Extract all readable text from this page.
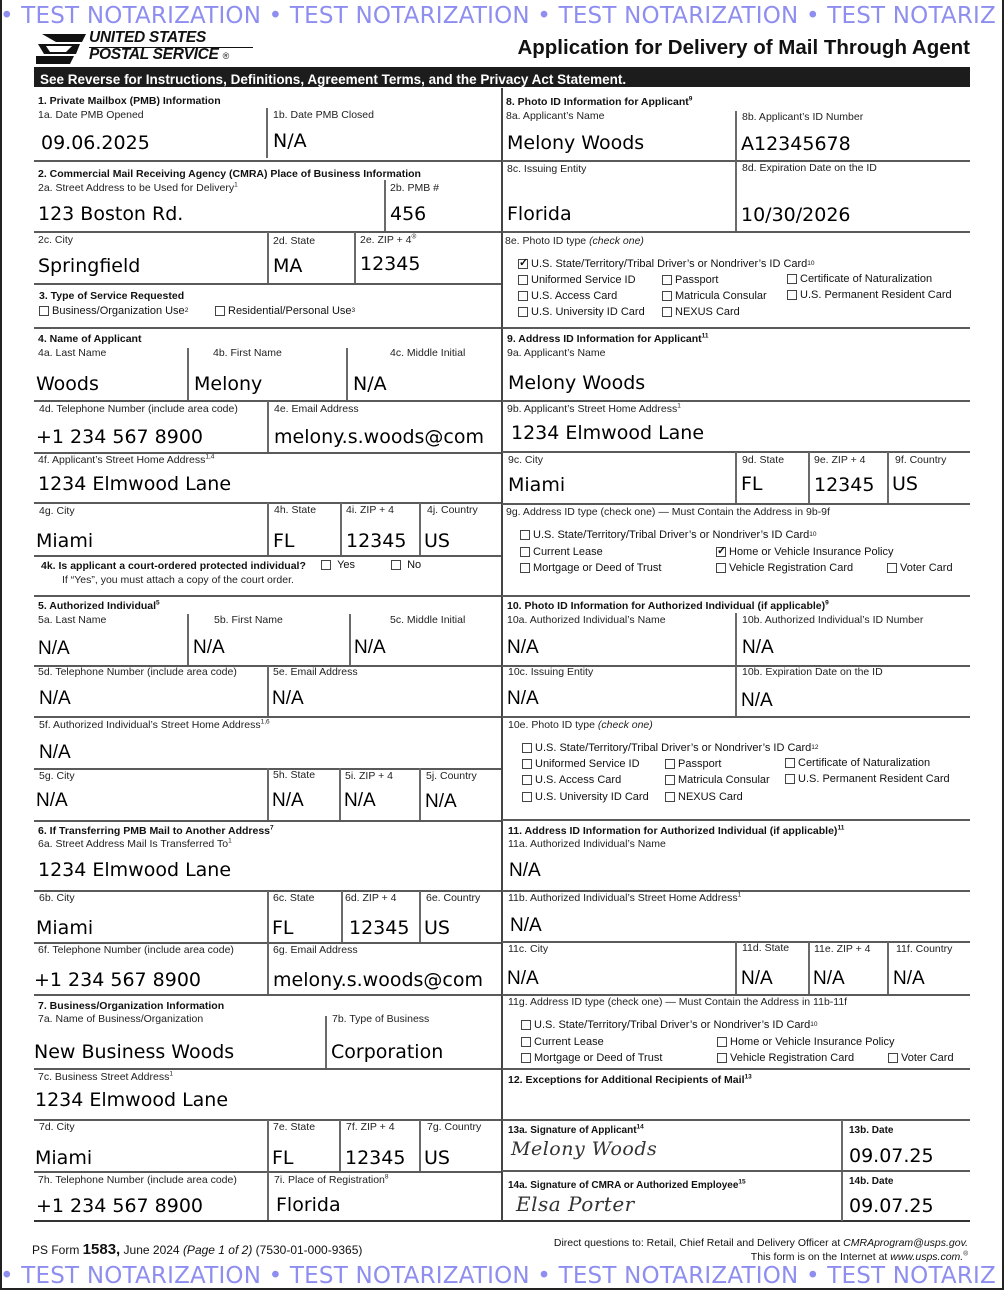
• TEST NOTARIZATION • TEST NOTARIZATION • TEST NOTARIZATION • TEST NOTARIZ
UNITED STATES
POSTAL SERVICE ®	Application for Delivery of Mail Through Agent
See Reverse for Instructions, Definitions, Agreement Terms, and the Privacy Act Statement.
1. Private Mailbox (PMB) Information
1a. Date PMB Opened
09.06.2025
1b. Date PMB Closed
N/A
2. Commercial Mail Receiving Agency (CMRA) Place of Business Information
2a. Street Address to be Used for Delivery$^1$
123 Boston Rd.
2b. PMB #
456
2c. City
Springfield
2d. State
MA
2e. ZIP + 4®
12345
3. Type of Service Requested
Business/Organization Use 2	Residential/Personal Use 3
4. Name of Applicant
4a. Last Name
Woods
4b. First Name
Melony
4c. Middle Initial
N/A
4d. Telephone Number (include area code)
+1 234 567 8900
4e. Email Address
melony.s.woods@com
4f. Applicant’s Street Home Address$^{1,4}$
1234 Elmwood Lane
4g. City
Miami
4h. State
FL
4i. ZIP + 4
12345
4j. Country
US
4k. Is applicant a court-ordered protected individual?
	Yes
	No
If “Yes”, you must attach a copy of the court order.
5. Authorized Individual$^5$
5a. Last Name
N/A
5b. First Name
N/A
5c. Middle Initial
N/A
5d. Telephone Number (include area code)
N/A
5e. Email Address
N/A
5f. Authorized Individual’s Street Home Address$^{1,6}$
N/A
5g. City
N/A
5h. State
N/A
5i. ZIP + 4
N/A
5j. Country
N/A
6. If Transferring PMB Mail to Another Address$^7$
6a. Street Address Mail Is Transferred To$^1$
1234 Elmwood Lane
6b. City
Miami
6c. State
FL
6d. ZIP + 4
12345
6e. Country
US
6f. Telephone Number (include area code)
+1 234 567 8900
6g. Email Address
melony.s.woods@com
7. Business/Organization Information
7a. Name of Business/Organization
New Business Woods
7b. Type of Business
Corporation
7c. Business Street Address$^1$
1234 Elmwood Lane
7d. City
Miami
7e. State
FL
7f. ZIP + 4
12345
7g. Country
US
7h. Telephone Number (include area code)
+1 234 567 8900
7i. Place of Registration$^8$
Florida
8. Photo ID Information for Applicant$^9$
8a. Applicant’s Name
Melony Woods
8b. Applicant’s ID Number
A12345678
8c. Issuing Entity
Florida
8d. Expiration Date on the ID
10/30/2026
8e. Photo ID type (check one)
✓
U.S. State/Territory/Tribal Driver’s or Nondriver’s ID Card 10
Uniformed Service ID	Passport	Certificate of Naturalization
U.S. Access Card	Matricula Consular	U.S. Permanent Resident Card
U.S. University ID Card	NEXUS Card
9. Address ID Information for Applicant$^{11}$
9a. Applicant’s Name
Melony Woods
9b. Applicant’s Street Home Address$^1$
1234 Elmwood Lane
9c. City
Miami
9d. State
FL
9e. ZIP + 4
12345
9f. Country
US
9g. Address ID type (check one) — Must Contain the Address in 9b-9f
U.S. State/Territory/Tribal Driver’s or Nondriver’s ID Card 10
Current Lease ✓	Home or Vehicle Insurance Policy
Mortgage or Deed of Trust	Vehicle Registration Card	Voter Card
10. Photo ID Information for Authorized Individual (if applicable)$^9$
10a. Authorized Individual’s Name
N/A
10b. Authorized Individual’s ID Number
N/A
10c. Issuing Entity
N/A
10b. Expiration Date on the ID
N/A
10e. Photo ID type (check one)
U.S. State/Territory/Tribal Driver’s or Nondriver’s ID Card 12
Uniformed Service ID	Passport	Certificate of Naturalization
U.S. Access Card	Matricula Consular	U.S. Permanent Resident Card
U.S. University ID Card	NEXUS Card
11. Address ID Information for Authorized Individual (if applicable)$^{11}$
11a. Authorized Individual’s Name
N/A
11b. Authorized Individual’s Street Home Address$^1$
N/A
11c. City
N/A
11d. State
N/A
11e. ZIP + 4
N/A
11f. Country
N/A
11g. Address ID type (check one) — Must Contain the Address in 11b-11f
U.S. State/Territory/Tribal Driver’s or Nondriver’s ID Card 10
Current Lease	Home or Vehicle Insurance Policy
Mortgage or Deed of Trust	Vehicle Registration Card	Voter Card
12. Exceptions for Additional Recipients of Mail$^{13}$
13a. Signature of Applicant$^{14}$
Melony Woods
13b. Date
09.07.25
14a. Signature of CMRA or Authorized Employee$^{15}$
Elsa Porter
14b. Date
09.07.25
PS Form 1583, June 2024 (Page 1 of 2) (7530-01-000-9365)	Direct questions to: Retail, Chief Retail and Delivery Officer at CMRAprogram@usps.gov.
This form is on the Internet at www.usps.com.®
• TEST NOTARIZATION • TEST NOTARIZATION • TEST NOTARIZATION • TEST NOTARIZ
